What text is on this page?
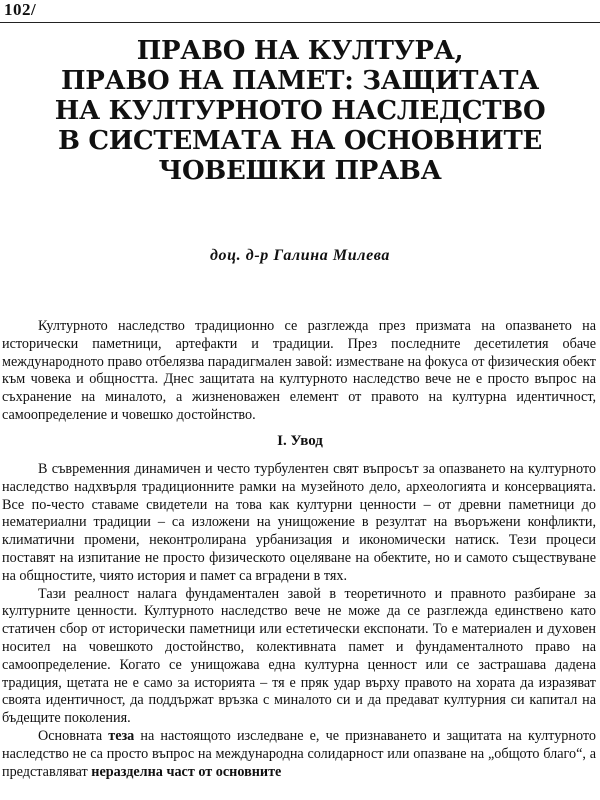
102/
ПРАВО НА КУЛТУРА,
ПРАВО НА ПАМЕТ: ЗАЩИТАТА
НА КУЛТУРНОТО НАСЛЕДСТВО
В СИСТЕМАТА НА ОСНОВНИТЕ
ЧОВЕШКИ ПРАВА
доц. д-р Галина Милева

Културното наследство традиционно се разглежда през призмата на опазването на исторически паметници, артефакти и традиции. През последните десетилетия обаче международното право отбелязва парадигмален завой: изместване на фокуса от физическия обект към човека и общността. Днес защитата на културното наследство вече не е просто въпрос на съхранение на миналото, а жизненоважен елемент от правото на културна идентичност, самоопределение и човешко достойнство.

I. Увод

В съвременния динамичен и често турбулентен свят въпросът за опазването на културното наследство надхвърля традиционните рамки на музейното дело, археологията и консервацията. Все по-често ставаме свидетели на това как културни ценности – от древни паметници до нематериални традиции – са изложени на унищожение в резултат на въоръжени конфликти, климатични промени, неконтролирана урбанизация и икономически натиск. Тези процеси поставят на изпитание не просто физическото оцеляване на обектите, но и самото съществуване на общностите, чиято история и памет са вградени в тях.

Тази реалност налага фундаментален завой в теоретичното и правното разбиране за културните ценности. Културното наследство вече не може да се разглежда единствено като статичен сбор от исторически паметници или естетически експонати. То е материален и духовен носител на човешкото достойнство, колективната памет и фундаменталното право на самоопределение. Когато се унищожава една културна ценност или се застрашава дадена традиция, щетата не е само за историята – тя е пряк удар върху правото на хората да изразяват своята идентичност, да поддържат връзка с миналото си и да предават културния си капитал на бъдещите поколения.

Основната теза на настоящото изследване е, че признаването и защитата на културното наследство не са просто въпрос на международна солидарност или опазване на „общото благо“, а представляват неразделна част от основните
